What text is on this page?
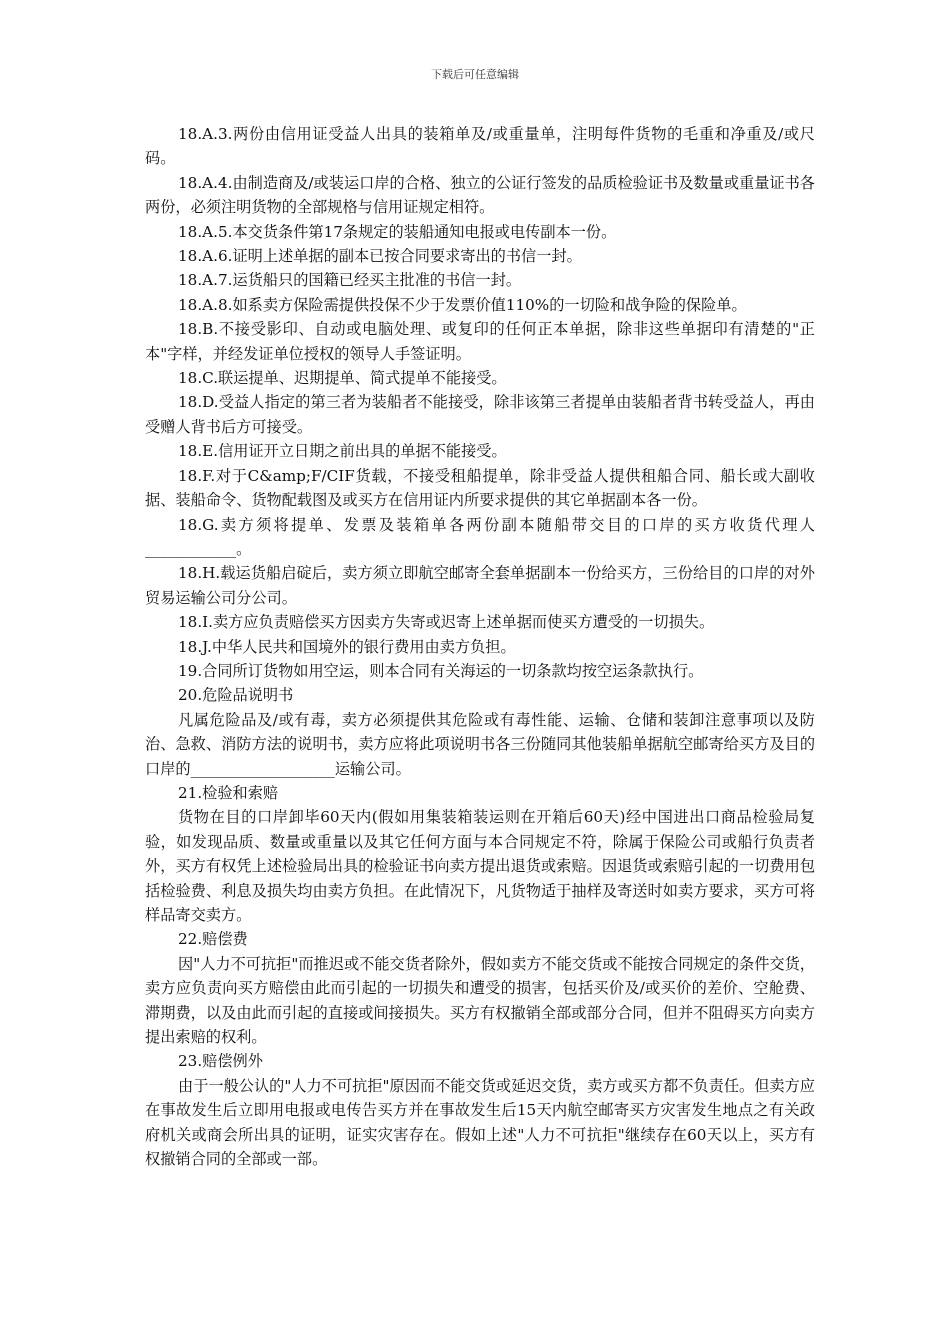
下载后可任意编辑

18.A.3.两份由信用证受益人出具的装箱单及/或重量单，注明每件货物的毛重和净重及/或尺码。

18.A.4.由制造商及/或装运口岸的合格、独立的公证行签发的品质检验证书及数量或重量证书各两份，必须注明货物的全部规格与信用证规定相符。

18.A.5.本交货条件第17条规定的装船通知电报或电传副本一份。

18.A.6.证明上述单据的副本已按合同要求寄出的书信一封。

18.A.7.运货船只的国籍已经买主批准的书信一封。

18.A.8.如系卖方保险需提供投保不少于发票价值110%的一切险和战争险的保险单。

18.B.不接受影印、自动或电脑处理、或复印的任何正本单据，除非这些单据印有清楚的"正本"字样，并经发证单位授权的领导人手签证明。

18.C.联运提单、迟期提单、简式提单不能接受。

18.D.受益人指定的第三者为装船者不能接受，除非该第三者提单由装船者背书转受益人，再由受赠人背书后方可接受。

18.E.信用证开立日期之前出具的单据不能接受。

18.F.对于C&amp;F/CIF货载，不接受租船提单，除非受益人提供租船合同、船长或大副收据、装船命令、货物配载图及或买方在信用证内所要求提供的其它单据副本各一份。

18.G.卖方须将提单、发票及装箱单各两份副本随船带交目的口岸的买方收货代理人____________。

18.H.载运货船启碇后，卖方须立即航空邮寄全套单据副本一份给买方，三份给目的口岸的对外贸易运输公司分公司。

18.I.卖方应负责赔偿买方因卖方失寄或迟寄上述单据而使买方遭受的一切损失。

18.J.中华人民共和国境外的银行费用由卖方负担。

19.合同所订货物如用空运，则本合同有关海运的一切条款均按空运条款执行。

20.危险品说明书

凡属危险品及/或有毒，卖方必须提供其危险或有毒性能、运输、仓储和装卸注意事项以及防治、急救、消防方法的说明书，卖方应将此项说明书各三份随同其他装船单据航空邮寄给买方及目的口岸的___________________运输公司。

21.检验和索赔

货物在目的口岸卸毕60天内(假如用集装箱装运则在开箱后60天)经中国进出口商品检验局复验，如发现品质、数量或重量以及其它任何方面与本合同规定不符，除属于保险公司或船行负责者外，买方有权凭上述检验局出具的检验证书向卖方提出退货或索赔。因退货或索赔引起的一切费用包括检验费、利息及损失均由卖方负担。在此情况下，凡货物适于抽样及寄送时如卖方要求，买方可将样品寄交卖方。

22.赔偿费

因"人力不可抗拒"而推迟或不能交货者除外，假如卖方不能交货或不能按合同规定的条件交货，卖方应负责向买方赔偿由此而引起的一切损失和遭受的损害，包括买价及/或买价的差价、空舱费、滞期费，以及由此而引起的直接或间接损失。买方有权撤销全部或部分合同，但并不阻碍买方向卖方提出索赔的权利。

23.赔偿例外

由于一般公认的"人力不可抗拒"原因而不能交货或延迟交货，卖方或买方都不负责任。但卖方应在事故发生后立即用电报或电传告买方并在事故发生后15天内航空邮寄买方灾害发生地点之有关政府机关或商会所出具的证明，证实灾害存在。假如上述"人力不可抗拒"继续存在60天以上，买方有权撤销合同的全部或一部。
